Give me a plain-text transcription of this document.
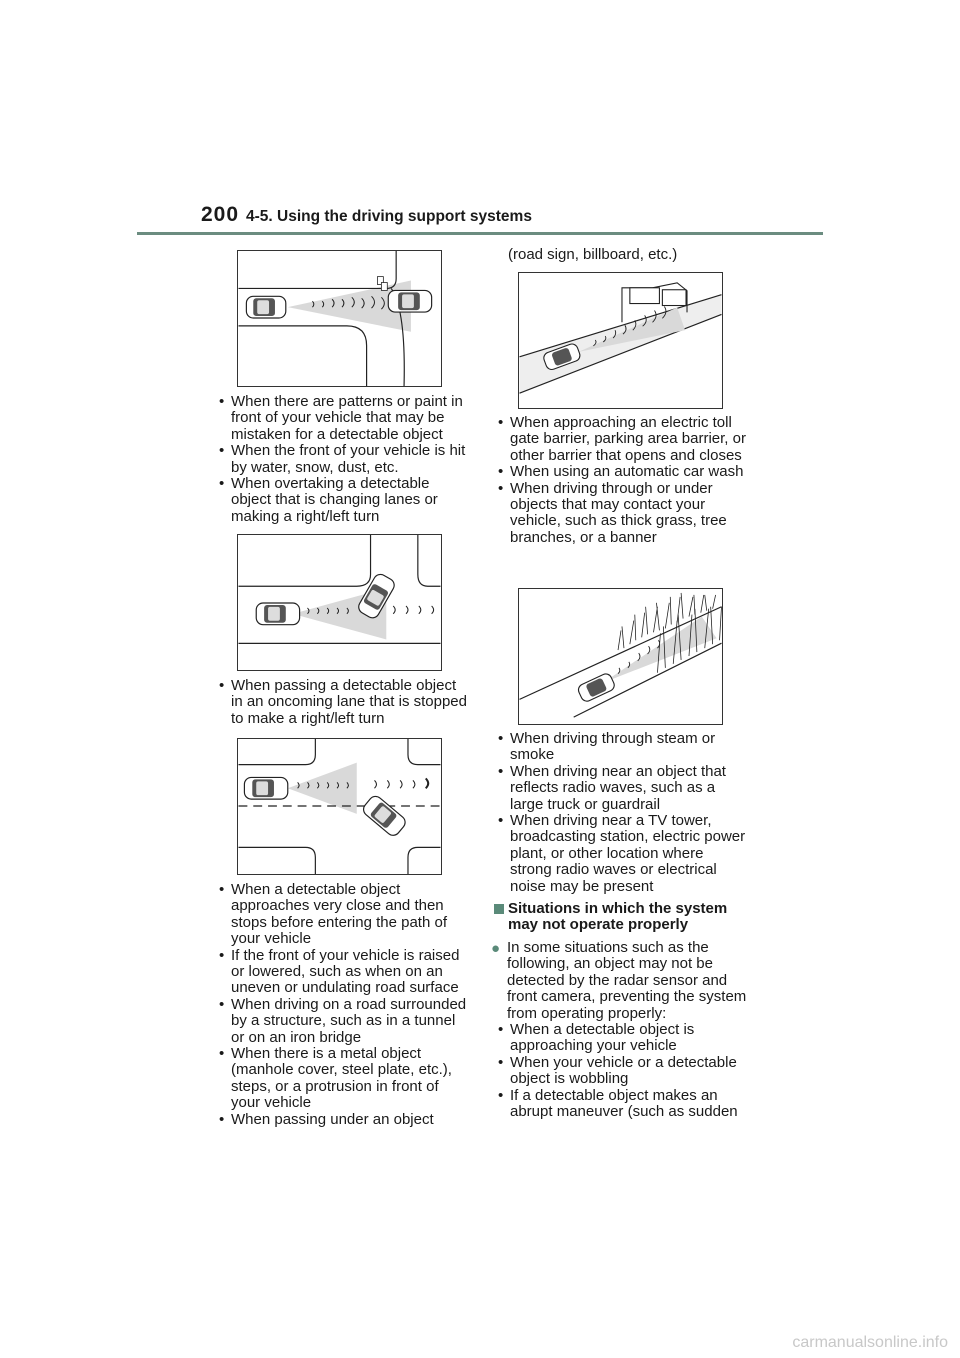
200 4-5. Using the driving support systems
• When there are patterns or paint in front of your vehicle that may be mistaken for a detectable object
• When the front of your vehicle is hit by water, snow, dust, etc.
• When overtaking a detectable object that is changing lanes or making a right/left turn
• When passing a detectable object in an oncoming lane that is stopped to make a right/left turn
• When a detectable object approaches very close and then stops before entering the path of your vehicle
• If the front of your vehicle is raised or lowered, such as when on an uneven or undulating road surface
• When driving on a road surrounded by a structure, such as in a tunnel or on an iron bridge
• When there is a metal object (manhole cover, steel plate, etc.), steps, or a protrusion in front of your vehicle
• When passing under an object
(road sign, billboard, etc.)
• When approaching an electric toll gate barrier, parking area barrier, or other barrier that opens and closes
• When using an automatic car wash
• When driving through or under objects that may contact your vehicle, such as thick grass, tree branches, or a banner
• When driving through steam or smoke
• When driving near an object that reflects radio waves, such as a large truck or guardrail
• When driving near a TV tower, broadcasting station, electric power plant, or other location where strong radio waves or electrical noise may be present
Situations in which the system may not operate properly
● In some situations such as the following, an object may not be detected by the radar sensor and front camera, preventing the system from operating properly:
• When a detectable object is approaching your vehicle
• When your vehicle or a detectable object is wobbling
• If a detectable object makes an abrupt maneuver (such as sudden
carmanualsonline.info
